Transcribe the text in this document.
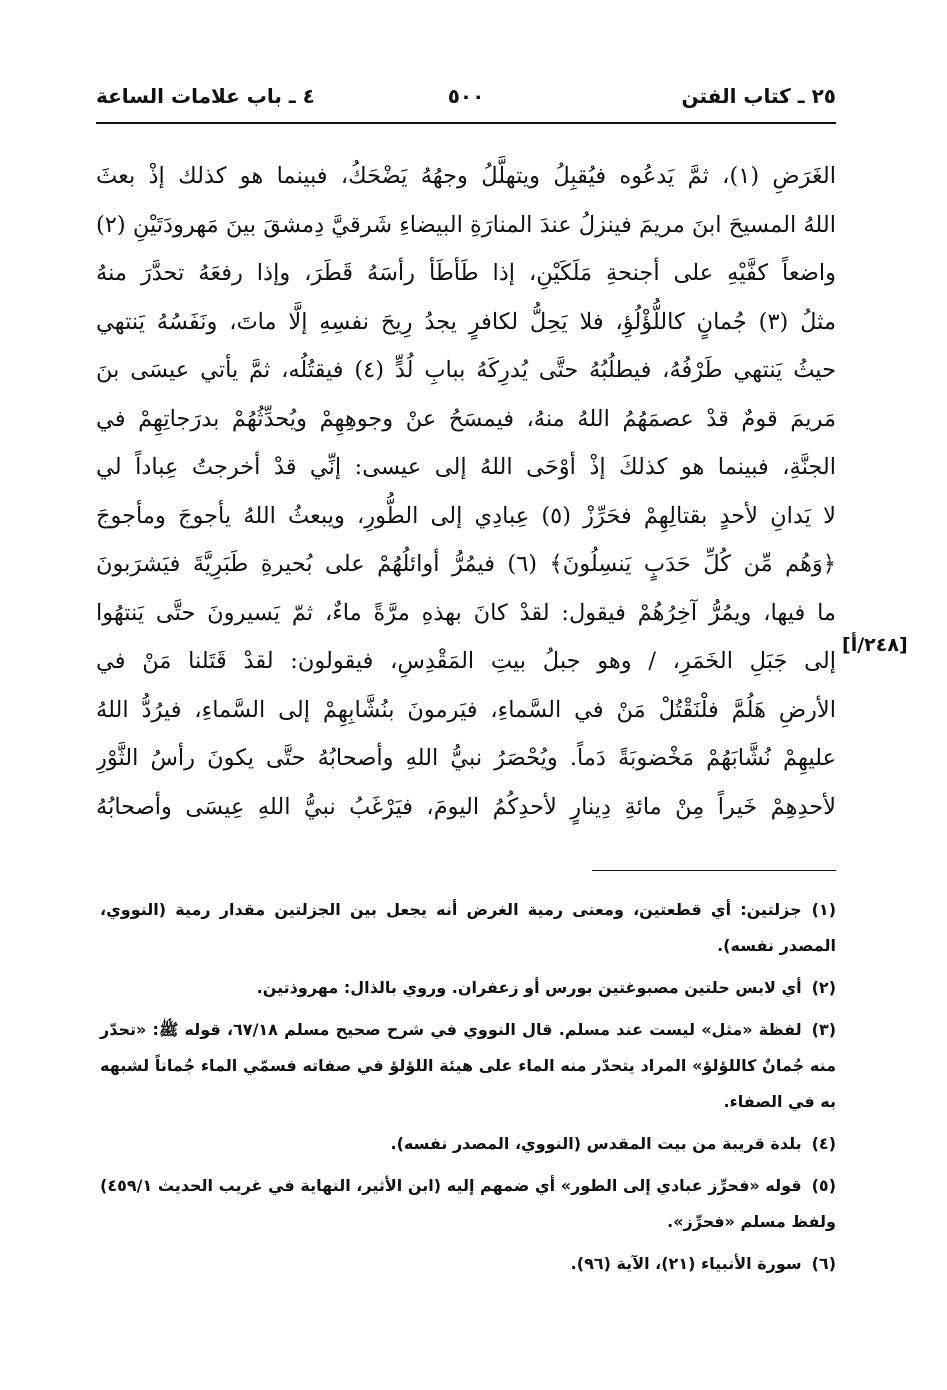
٢٥ ـ كتاب الفتن
٥٠٠
٤ ـ باب علامات الساعة
الغَرَضِ (١)، ثمَّ يَدعُوه فيُقبِلُ ويتهلَّلُ وجهُهُ يَضْحَكُ، فبينما هو كذلك إذْ بعثَ
اللهُ المسيحَ ابنَ مريمَ فينزلُ عندَ المنارَةِ البيضاءِ شَرقيَّ دِمشقَ بينَ مَهرودَتَيْنِ (٢)
واضعاً كفَّيْهِ على أجنحةِ مَلَكَيْنِ، إذا طَأطَأ رأسَهُ قَطَرَ، وإذا رفعَهُ تحدَّرَ منهُ
مثلُ (٣) جُمانٍ كاللُّؤْلُؤِ، فلا يَحِلُّ لكافرٍ يجدُ رِيحَ نفسِهِ إلَّا ماتَ، ونَفَسُهُ يَنتهي
حيثُ يَنتهي طَرْفُهُ، فيطلُبُهُ حتَّى يُدرِكَهُ ببابِ لُدٍّ (٤) فيقتُلُه، ثمَّ يأتي عيسَى بنَ
مَريمَ قومٌ قدْ عصمَهُمُ اللهُ منهُ، فيمسَحُ عنْ وجوهِهِمْ ويُحدِّثُهُمْ بدرَجاتِهِمْ في
الجنَّةِ، فبينما هو كذلكَ إذْ أوْحَى اللهُ إلى عيسى: إنِّي قدْ أخرجتُ عِباداً لي
لا يَدانِ لأحدٍ بقتالِهِمْ فحَرِّزْ (٥) عِبادِي إلى الطُّورِ، ويبعثُ اللهُ يأجوجَ ومأجوجَ
﴿وَهُم مِّن كُلِّ حَدَبٍ يَنسِلُونَ﴾ (٦) فيمُرُّ أوائلُهُمْ على بُحيرةِ طَبَرِيَّةَ فيَشرَبونَ
ما فيها، ويمُرُّ آخِرُهُمْ فيقول: لقدْ كانَ بهذهِ مرَّةً ماءٌ، ثمّ يَسيرونَ حتَّى يَنتهُوا
إلى جَبَلِ الخَمَرِ، / وهو جبلُ بيتِ المَقْدِسِ، فيقولون: لقدْ قَتَلنا مَنْ في
الأرضِ هَلُمَّ فلْنَقْتُلْ مَنْ في السَّماءِ، فيَرمونَ بنُشَّابِهِمْ إلى السَّماءِ، فيرُدُّ اللهُ
عليهِمْ نُشَّابَهُمْ مَخْضوبَةً دَماً. ويُحْصَرُ نبيُّ اللهِ وأصحابُهُ حتَّى يكونَ رأسُ الثَّوْرِ
لأحدِهِمْ خَيراً مِنْ مائةِ دِينارٍ لأحدِكُمُ اليومَ، فيَرْغَبُ نبيُّ اللهِ عِيسَى وأصحابُهُ
[٢٤٨/أ]

(١)جزلتين: أي قطعتين، ومعنى رمية الغرض أنه يجعل بين الجزلتين مقدار رمية (النووي، المصدر نفسه).

(٢)أي لابس حلتين مصبوغتين بورس أو زعفران. وروي بالذال: مهروذتين.

(٣)لفظة «مثل» ليست عند مسلم. قال النووي في شرح صحيح مسلم ٦٧/١٨، قوله ﷺ: «تحدّر منه جُمانٌ كاللؤلؤ» المراد يتحدّر منه الماء على هيئة اللؤلؤ في صفاته فسمّي الماء جُماناً لشبهه به في الصفاء.

(٤)بلدة قريبة من بيت المقدس (النووي، المصدر نفسه).

(٥)قوله «فحرِّز عبادي إلى الطور» أي ضمهم إليه (ابن الأثير، النهاية في غريب الحديث ٤٥٩/١) ولفظ مسلم «فحرِّز».

(٦)سورة الأنبياء (٢١)، الآية (٩٦).
